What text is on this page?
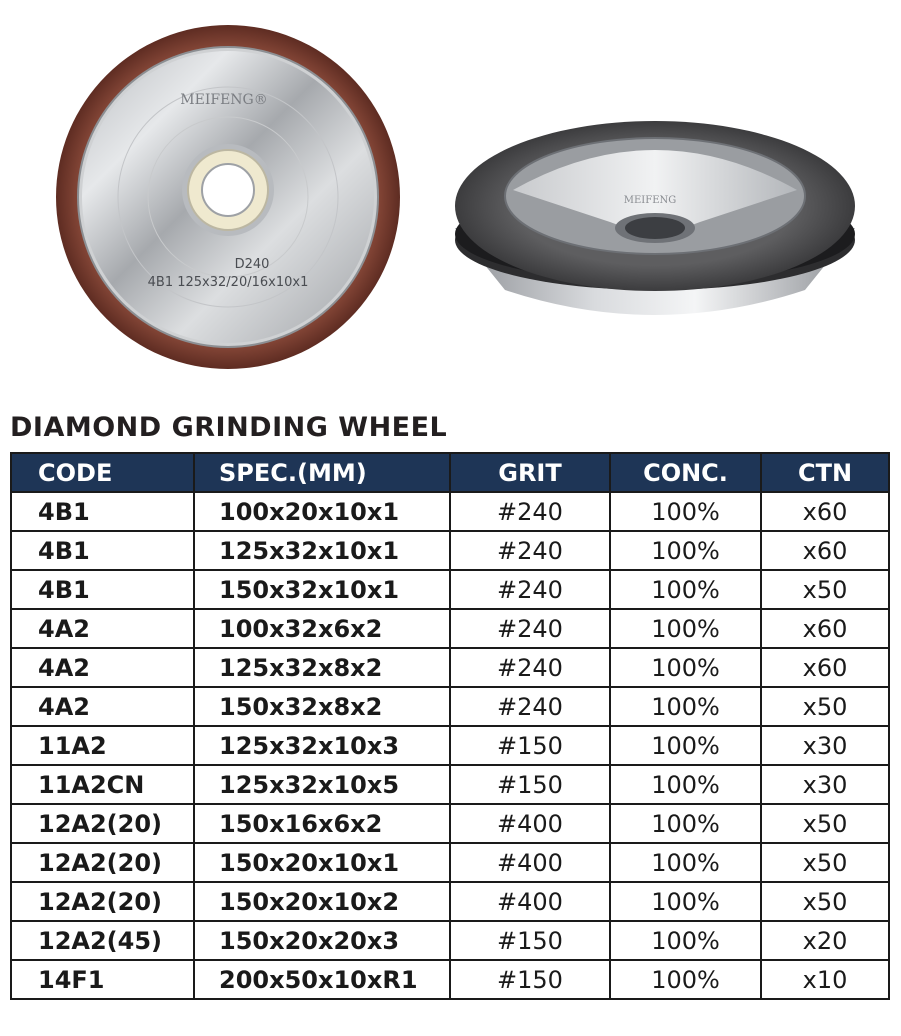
MEIFENG®
D240
4B1 125x32/20/16x10x1
MEIFENG
DIAMOND GRINDING WHEEL
CODE	SPEC.(MM)	GRIT	CONC.	CTN
4B1	100x20x10x1	#240	100%	x60
4B1	125x32x10x1	#240	100%	x60
4B1	150x32x10x1	#240	100%	x50
4A2	100x32x6x2	#240	100%	x60
4A2	125x32x8x2	#240	100%	x60
4A2	150x32x8x2	#240	100%	x50
11A2	125x32x10x3	#150	100%	x30
11A2CN	125x32x10x5	#150	100%	x30
12A2(20)	150x16x6x2	#400	100%	x50
12A2(20)	150x20x10x1	#400	100%	x50
12A2(20)	150x20x10x2	#400	100%	x50
12A2(45)	150x20x20x3	#150	100%	x20
14F1	200x50x10xR1	#150	100%	x10
